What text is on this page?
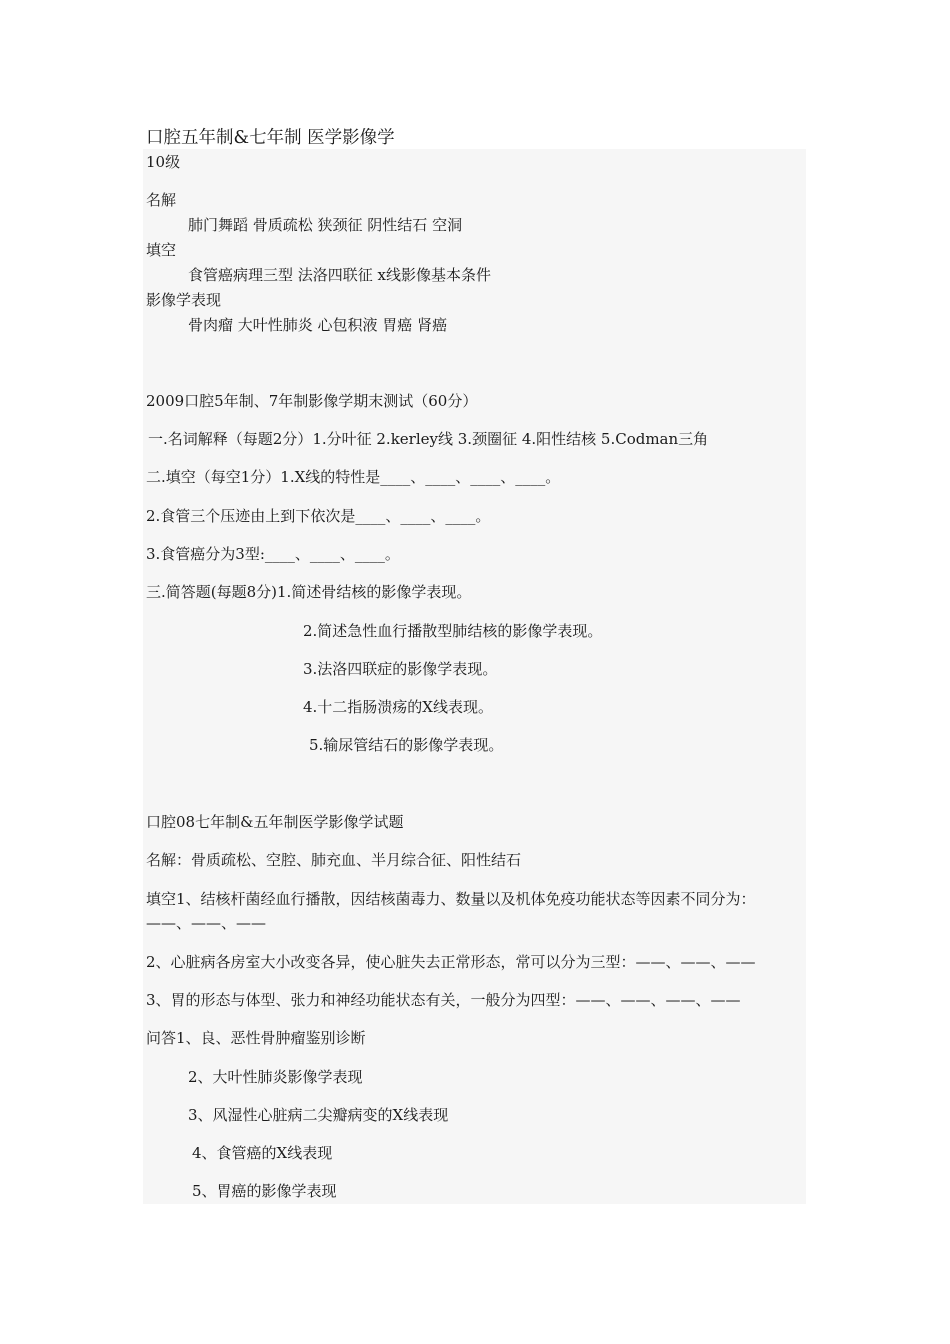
口腔五年制&七年制 医学影像学
10级
名解
肺门舞蹈 骨质疏松 狭颈征 阴性结石 空洞
填空
食管癌病理三型 法洛四联征 x线影像基本条件
影像学表现
骨肉瘤 大叶性肺炎 心包积液 胃癌 肾癌
2009口腔5年制、7年制影像学期末测试（60分）
一.名词解释（每题2分）1.分叶征 2.kerley线 3.颈圈征 4.阳性结核 5.Codman三角
二.填空（每空1分）1.X线的特性是____、____、____、____。
2.食管三个压迹由上到下依次是____、____、____。
3.食管癌分为3型:____、____、____。
三.简答题(每题8分)1.简述骨结核的影像学表现。
2.简述急性血行播散型肺结核的影像学表现。
3.法洛四联症的影像学表现。
4.十二指肠溃疡的X线表现。
5.输尿管结石的影像学表现。
口腔08七年制&五年制医学影像学试题
名解：骨质疏松、空腔、肺充血、半月综合征、阳性结石
填空1、结核杆菌经血行播散，因结核菌毒力、数量以及机体免疫功能状态等因素不同分为：
——、——、——
2、心脏病各房室大小改变各异，使心脏失去正常形态，常可以分为三型：——、——、——
3、胃的形态与体型、张力和神经功能状态有关，一般分为四型：——、——、——、——
问答1、良、恶性骨肿瘤鉴别诊断
2、大叶性肺炎影像学表现
3、风湿性心脏病二尖瓣病变的X线表现
4、食管癌的X线表现
5、胃癌的影像学表现
